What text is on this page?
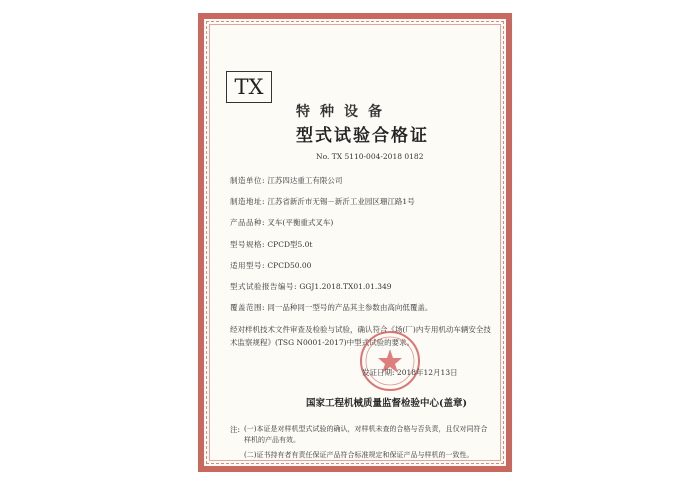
TX
特种设备
型式试验合格证
No. TX 5110-004-2018 0182
制造单位: 江苏四达重工有限公司
制造地址: 江苏省新沂市无锡－新沂工业园区珊江路1号
产品品种: 叉车(平衡重式叉车)
型号规格: CPCD型5.0t
适用型号: CPCD50.00
型式试验报告编号: GGJ1.2018.TX01.01.349
覆盖范围: 同一品种同一型号的产品其主参数由高向低覆盖。
经对样机技术文件审查及检验与试验，确认符合《场(厂)内专用机动车辆安全技术监察规程》(TSG N0001-2017)中型式试验的要求。
发证日期: 2018年12月13日
国家工程机械质量监督检验中心(盖章)
注: (一)本证是对样机型式试验的确认，对样机未查的合格与否负责，且仅对同符合样机的产品有效。
(二)证书持有者有责任保证产品符合标准规定和保证产品与样机的一致性。
